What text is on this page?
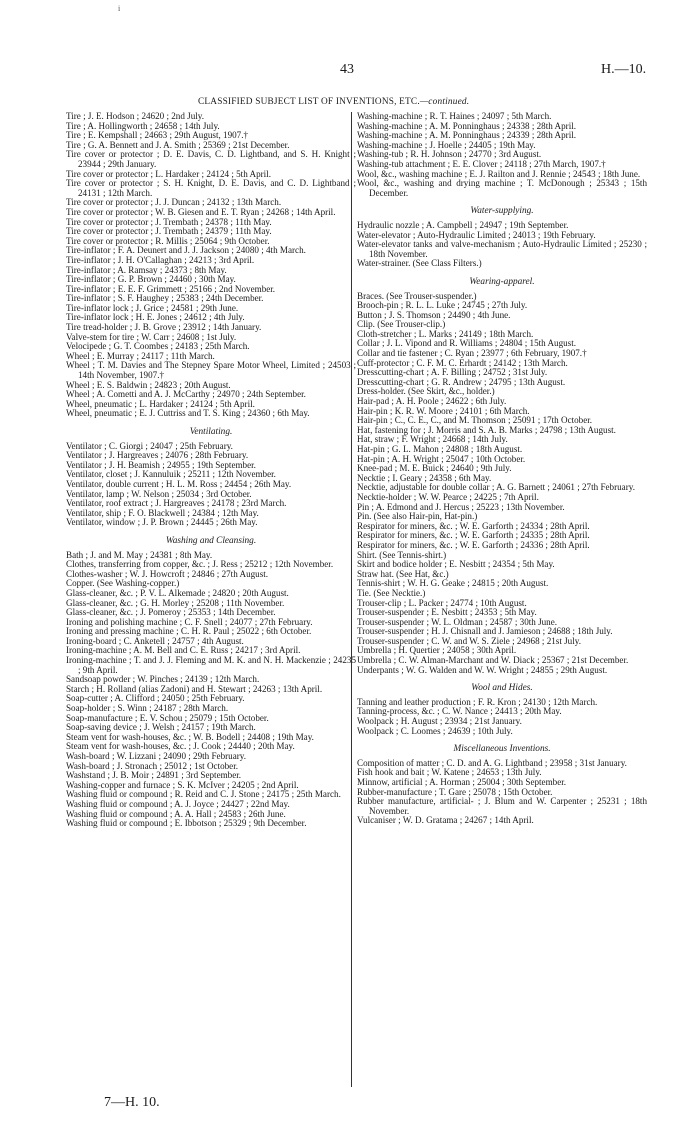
i
43	H.—10.
CLASSIFIED SUBJECT LIST OF INVENTIONS, ETC.—continued.
Tire ; J. E. Hodson ; 24620 ; 2nd July.
Tire ; A. Hollingworth ; 24658 ; 14th July.
Tire ; E. Kempshall ; 24663 ; 29th August, 1907.†
Tire ; G. A. Bennett and J. A. Smith ; 25369 ; 21st December.
Tire cover or protector ; D. E. Davis, C. D. Lightband, and S. H. Knight ; 23944 ; 29th January.
Tire cover or protector ; L. Hardaker ; 24124 ; 5th April.
Tire cover or protector ; S. H. Knight, D. E. Davis, and C. D. Lightband ; 24131 ; 12th March.
Tire cover or protector ; J. J. Duncan ; 24132 ; 13th March.
Tire cover or protector ; W. B. Giesen and E. T. Ryan ; 24268 ; 14th April.
Tire cover or protector ; J. Trembath ; 24378 ; 11th May.
Tire cover or protector ; J. Trembath ; 24379 ; 11th May.
Tire cover or protector ; R. Millis ; 25064 ; 9th October.
Tire-inflator ; F. A. Deunert and J. J. Jackson ; 24080 ; 4th March.
Tire-inflator ; J. H. O'Callaghan ; 24213 ; 3rd April.
Tire-inflator ; A. Ramsay ; 24373 ; 8th May.
Tire-inflator ; G. P. Brown ; 24460 ; 30th May.
Tire-inflator ; E. E. F. Grimmett ; 25166 ; 2nd November.
Tire-inflator ; S. F. Haughey ; 25383 ; 24th December.
Tire-inflator lock ; J. Grice ; 24581 ; 29th June.
Tire-inflator lock ; H. E. Jones ; 24612 ; 4th July.
Tire tread-holder ; J. B. Grove ; 23912 ; 14th January.
Valve-stem for tire ; W. Carr ; 24608 ; 1st July.
Velocipede ; G. T. Coombes ; 24183 ; 25th March.
Wheel ; E. Murray ; 24117 ; 11th March.
Wheel ; T. M. Davies and The Stepney Spare Motor Wheel, Limited ; 24503 ; 14th November, 1907.†
Wheel ; E. S. Baldwin ; 24823 ; 20th August.
Wheel ; A. Cometti and A. J. McCarthy ; 24970 ; 24th September.
Wheel, pneumatic ; L. Hardaker ; 24124 ; 5th April.
Wheel, pneumatic ; E. J. Cuttriss and T. S. King ; 24360 ; 6th May.
Ventilating.
Ventilator ; C. Giorgi ; 24047 ; 25th February.
Ventilator ; J. Hargreaves ; 24076 ; 28th February.
Ventilator ; J. H. Beamish ; 24955 ; 19th September.
Ventilator, closet ; J. Kannuluik ; 25211 ; 12th November.
Ventilator, double current ; H. L. M. Ross ; 24454 ; 26th May.
Ventilator, lamp ; W. Nelson ; 25034 ; 3rd October.
Ventilator, roof extract ; J. Hargreaves ; 24178 ; 23rd March.
Ventilator, ship ; F. O. Blackwell ; 24384 ; 12th May.
Ventilator, window ; J. P. Brown ; 24445 ; 26th May.
Washing and Cleansing.
Bath ; J. and M. May ; 24381 ; 8th May.
Clothes, transferring from copper, &c. ; J. Ress ; 25212 ; 12th November.
Clothes-washer ; W. J. Howcroft ; 24846 ; 27th August.
Copper. (See Washing-copper.)
Glass-cleaner, &c. ; P. V. L. Alkemade ; 24820 ; 20th August.
Glass-cleaner, &c. ; G. H. Morley ; 25208 ; 11th November.
Glass-cleaner, &c. ; J. Pomeroy ; 25353 ; 14th December.
Ironing and polishing machine ; C. F. Snell ; 24077 ; 27th February.
Ironing and pressing machine ; C. H. R. Paul ; 25022 ; 6th October.
Ironing-board ; C. Anketell ; 24757 ; 4th August.
Ironing-machine ; A. M. Bell and C. E. Russ ; 24217 ; 3rd April.
Ironing-machine ; T. and J. J. Fleming and M. K. and N. H. Mackenzie ; 24235 ; 9th April.
Sandsoap powder ; W. Pinches ; 24139 ; 12th March.
Starch ; H. Rolland (alias Zadoni) and H. Stewart ; 24263 ; 13th April.
Soap-cutter ; A. Clifford ; 24050 ; 25th February.
Soap-holder ; S. Winn ; 24187 ; 28th March.
Soap-manufacture ; E. V. Schou ; 25079 ; 15th October.
Soap-saving device ; J. Welsh ; 24157 ; 19th March.
Steam vent for wash-houses, &c. ; W. B. Bodell ; 24408 ; 19th May.
Steam vent for wash-houses, &c. ; J. Cook ; 24440 ; 20th May.
Wash-board ; W. Lizzani ; 24090 ; 29th February.
Wash-board ; J. Stronach ; 25012 ; 1st October.
Washstand ; J. B. Moir ; 24891 ; 3rd September.
Washing-copper and furnace ; S. K. McIver ; 24205 ; 2nd April.
Washing fluid or compound ; R. Reid and C. J. Stone ; 24175 ; 25th March.
Washing fluid or compound ; A. J. Joyce ; 24427 ; 22nd May.
Washing fluid or compound ; A. A. Hall ; 24583 ; 26th June.
Washing fluid or compound ; E. Ibbotson ; 25329 ; 9th December.
Washing-machine ; R. T. Haines ; 24097 ; 5th March.
Washing-machine ; A. M. Ponninghaus ; 24338 ; 28th April.
Washing-machine ; A. M. Ponninghaus ; 24339 ; 28th April.
Washing-machine ; J. Hoelle ; 24405 ; 19th May.
Washing-tub ; R. H. Johnson ; 24770 ; 3rd August.
Washing-tub attachment ; E. E. Clover ; 24118 ; 27th March, 1907.†
Wool, &c., washing machine ; E. J. Railton and J. Rennie ; 24543 ; 18th June.
Wool, &c., washing and drying machine ; T. McDonough ; 25343 ; 15th December.
Water-supplying.
Hydraulic nozzle ; A. Campbell ; 24947 ; 19th September.
Water-elevator ; Auto-Hydraulic Limited ; 24013 ; 19th February.
Water-elevator tanks and valve-mechanism ; Auto-Hydraulic Limited ; 25230 ; 18th November.
Water-strainer. (See Class Filters.)
Wearing-apparel.
Braces. (See Trouser-suspender.)
Brooch-pin ; R. L. L. Luke ; 24745 ; 27th July.
Button ; J. S. Thomson ; 24490 ; 4th June.
Clip. (See Trouser-clip.)
Cloth-stretcher ; L. Marks ; 24149 ; 18th March.
Collar ; J. L. Vipond and R. Williams ; 24804 ; 15th August.
Collar and tie fastener ; C. Ryan ; 23977 ; 6th February, 1907.†
Cuff-protector ; C. F. M. C. Erhardt ; 24142 ; 13th March.
Dresscutting-chart ; A. F. Billing ; 24752 ; 31st July.
Dresscutting-chart ; G. R. Andrew ; 24795 ; 13th August.
Dress-holder. (See Skirt, &c., holder.)
Hair-pad ; A. H. Poole ; 24622 ; 6th July.
Hair-pin ; K. R. W. Moore ; 24101 ; 6th March.
Hair-pin ; C., C. E., C., and M. Thomson ; 25091 ; 17th October.
Hat, fastening for ; J. Morris and S. A. B. Marks ; 24798 ; 13th August.
Hat, straw ; F. Wright ; 24668 ; 14th July.
Hat-pin ; G. L. Mahon ; 24808 ; 18th August.
Hat-pin ; A. H. Wright ; 25047 ; 10th October.
Knee-pad ; M. E. Buick ; 24640 ; 9th July.
Necktie ; I. Geary ; 24358 ; 6th May.
Necktie, adjustable for double collar ; A. G. Barnett ; 24061 ; 27th February.
Necktie-holder ; W. W. Pearce ; 24225 ; 7th April.
Pin ; A. Edmond and J. Hercus ; 25223 ; 13th November.
Pin. (See also Hair-pin, Hat-pin.)
Respirator for miners, &c. ; W. E. Garforth ; 24334 ; 28th April.
Respirator for miners, &c. ; W. E. Garforth ; 24335 ; 28th April.
Respirator for miners, &c. ; W. E. Garforth ; 24336 ; 28th April.
Shirt. (See Tennis-shirt.)
Skirt and bodice holder ; E. Nesbitt ; 24354 ; 5th May.
Straw hat. (See Hat, &c.)
Tennis-shirt ; W. H. G. Geake ; 24815 ; 20th August.
Tie. (See Necktie.)
Trouser-clip ; L. Packer ; 24774 ; 10th August.
Trouser-suspender ; E. Nesbitt ; 24353 ; 5th May.
Trouser-suspender ; W. L. Oldman ; 24587 ; 30th June.
Trouser-suspender ; H. J. Chisnall and J. Jamieson ; 24688 ; 18th July.
Trouser-suspender ; C. W. and W. S. Ziele ; 24968 ; 21st July.
Umbrella ; H. Quertier ; 24058 ; 30th April.
Umbrella ; C. W. Alman-Marchant and W. Diack ; 25367 ; 21st December.
Underpants ; W. G. Walden and W. W. Wright ; 24855 ; 29th August.
Wool and Hides.
Tanning and leather production ; F. R. Kron ; 24130 ; 12th March.
Tanning-process, &c. ; C. W. Nance ; 24413 ; 20th May.
Woolpack ; H. August ; 23934 ; 21st January.
Woolpack ; C. Loomes ; 24639 ; 10th July.
Miscellaneous Inventions.
Composition of matter ; C. D. and A. G. Lightband ; 23958 ; 31st January.
Fish hook and bait ; W. Katene ; 24653 ; 13th July.
Minnow, artificial ; A. Horman ; 25004 ; 30th September.
Rubber-manufacture ; T. Gare ; 25078 ; 15th October.
Rubber manufacture, artificial- ; J. Blum and W. Carpenter ; 25231 ; 18th November.
Vulcaniser ; W. D. Gratama ; 24267 ; 14th April.
7—H. 10.
